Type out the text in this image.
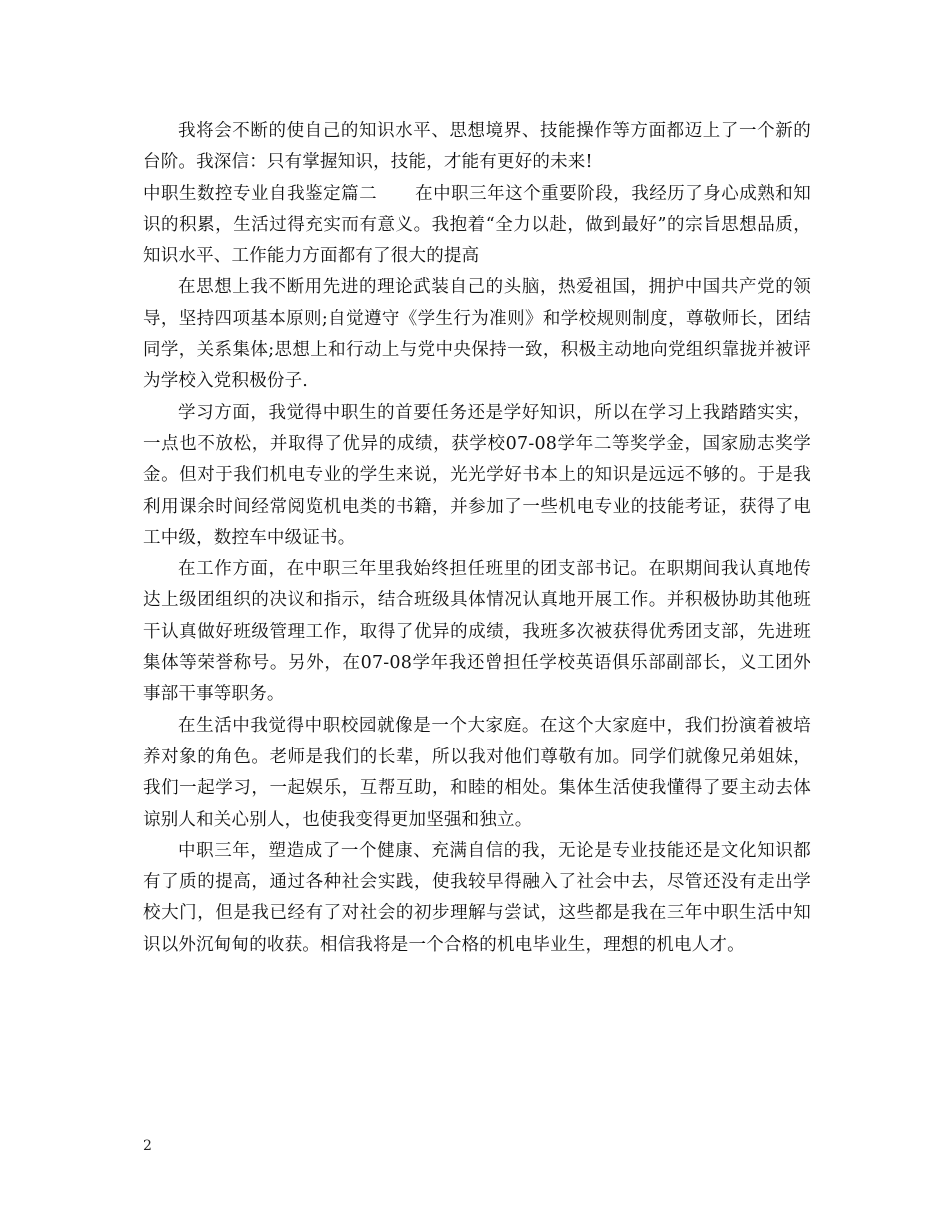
我将会不断的使自己的知识水平、思想境界、技能操作等方面都迈上了一个新的台阶。我深信：只有掌握知识，技能，才能有更好的未来!

中职生数控专业自我鉴定篇二 在中职三年这个重要阶段，我经历了身心成熟和知识的积累，生活过得充实而有意义。我抱着“全力以赴，做到最好”的宗旨思想品质，知识水平、工作能力方面都有了很大的提高

在思想上我不断用先进的理论武装自己的头脑，热爱祖国，拥护中国共产党的领导，坚持四项基本原则;自觉遵守《学生行为准则》和学校规则制度，尊敬师长，团结同学，关系集体;思想上和行动上与党中央保持一致，积极主动地向党组织靠拢并被评为学校入党积极份子.

学习方面，我觉得中职生的首要任务还是学好知识，所以在学习上我踏踏实实，一点也不放松，并取得了优异的成绩，获学校07-08学年二等奖学金，国家励志奖学金。但对于我们机电专业的学生来说，光光学好书本上的知识是远远不够的。于是我利用课余时间经常阅览机电类的书籍，并参加了一些机电专业的技能考证，获得了电工中级，数控车中级证书。

在工作方面，在中职三年里我始终担任班里的团支部书记。在职期间我认真地传达上级团组织的决议和指示，结合班级具体情况认真地开展工作。并积极协助其他班干认真做好班级管理工作，取得了优异的成绩，我班多次被获得优秀团支部，先进班集体等荣誉称号。另外，在07-08学年我还曾担任学校英语俱乐部副部长，义工团外事部干事等职务。

在生活中我觉得中职校园就像是一个大家庭。在这个大家庭中，我们扮演着被培养对象的角色。老师是我们的长辈，所以我对他们尊敬有加。同学们就像兄弟姐妹，我们一起学习，一起娱乐，互帮互助，和睦的相处。集体生活使我懂得了要主动去体谅别人和关心别人，也使我变得更加坚强和独立。

中职三年，塑造成了一个健康、充满自信的我，无论是专业技能还是文化知识都有了质的提高，通过各种社会实践，使我较早得融入了社会中去，尽管还没有走出学校大门，但是我已经有了对社会的初步理解与尝试，这些都是我在三年中职生活中知识以外沉甸甸的收获。相信我将是一个合格的机电毕业生，理想的机电人才。

2
